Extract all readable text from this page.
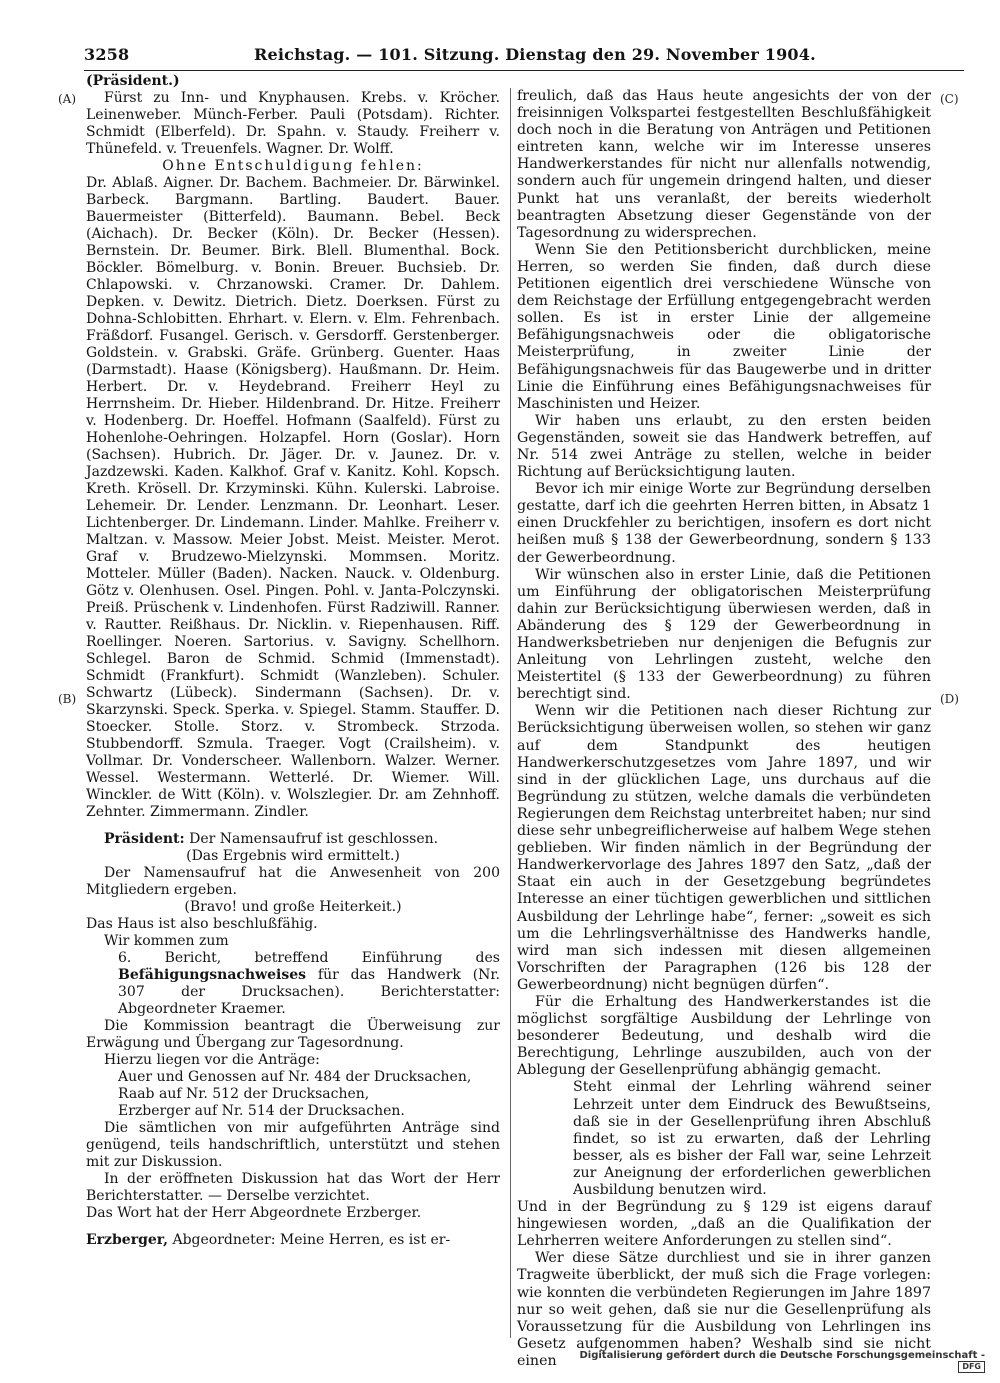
3258	Reichstag. — 101. Sitzung. Dienstag den 29. November 1904.
(A)
(B)
(C)
(D)

(Präsident.)

Fürst zu Inn- und Knyphausen. Krebs. v. Kröcher. Leinenweber. Münch-Ferber. Pauli (Potsdam). Richter. Schmidt (Elberfeld). Dr. Spahn. v. Staudy. Freiherr v. Thünefeld. v. Treuenfels. Wagner. Dr. Wolff.

Ohne Entschuldigung fehlen:

Dr. Ablaß. Aigner. Dr. Bachem. Bachmeier. Dr. Bärwinkel. Barbeck. Bargmann. Bartling. Baudert. Bauer. Bauermeister (Bitterfeld). Baumann. Bebel. Beck (Aichach). Dr. Becker (Köln). Dr. Becker (Hessen). Bernstein. Dr. Beumer. Birk. Blell. Blumenthal. Bock. Böckler. Bömelburg. v. Bonin. Breuer. Buchsieb. Dr. Chlapowski. v. Chrzanowski. Cramer. Dr. Dahlem. Depken. v. Dewitz. Dietrich. Dietz. Doerksen. Fürst zu Dohna-Schlobitten. Ehrhart. v. Elern. v. Elm. Fehrenbach. Fräßdorf. Fusangel. Gerisch. v. Gersdorff. Gerstenberger. Goldstein. v. Grabski. Gräfe. Grünberg. Guenter. Haas (Darmstadt). Haase (Königsberg). Haußmann. Dr. Heim. Herbert. Dr. v. Heydebrand. Freiherr Heyl zu Herrnsheim. Dr. Hieber. Hildenbrand. Dr. Hitze. Freiherr v. Hodenberg. Dr. Hoeffel. Hofmann (Saalfeld). Fürst zu Hohenlohe-Oehringen. Holzapfel. Horn (Goslar). Horn (Sachsen). Hubrich. Dr. Jäger. Dr. v. Jaunez. Dr. v. Jazdzewski. Kaden. Kalkhof. Graf v. Kanitz. Kohl. Kopsch. Kreth. Krösell. Dr. Krzyminski. Kühn. Kulerski. Labroise. Lehemeir. Dr. Lender. Lenzmann. Dr. Leonhart. Leser. Lichtenberger. Dr. Lindemann. Linder. Mahlke. Freiherr v. Maltzan. v. Massow. Meier Jobst. Meist. Meister. Merot. Graf v. Brudzewo-Mielzynski. Mommsen. Moritz. Motteler. Müller (Baden). Nacken. Nauck. v. Oldenburg. Götz v. Olenhusen. Osel. Pingen. Pohl. v. Janta-Polczynski. Preiß. Prüschenk v. Lindenhofen. Fürst Radziwill. Ranner. v. Rautter. Reißhaus. Dr. Nicklin. v. Riepenhausen. Riff. Roellinger. Noeren. Sartorius. v. Savigny. Schellhorn. Schlegel. Baron de Schmid. Schmid (Immenstadt). Schmidt (Frankfurt). Schmidt (Wanzleben). Schuler. Schwartz (Lübeck). Sindermann (Sachsen). Dr. v. Skarzynski. Speck. Sperka. v. Spiegel. Stamm. Stauffer. D. Stoecker. Stolle. Storz. v. Strombeck. Strzoda. Stubbendorff. Szmula. Traeger. Vogt (Crailsheim). v. Vollmar. Dr. Vonderscheer. Wallenborn. Walzer. Werner. Wessel. Westermann. Wetterlé. Dr. Wiemer. Will. Winckler. de Witt (Köln). v. Wolszlegier. Dr. am Zehnhoff. Zehnter. Zimmermann. Zindler.

Präsident: Der Namensaufruf ist geschlossen.

(Das Ergebnis wird ermittelt.)

Der Namensaufruf hat die Anwesenheit von 200 Mitgliedern ergeben.

(Bravo! und große Heiterkeit.)

Das Haus ist also beschlußfähig.

Wir kommen zum

6. Bericht, betreffend Einführung des Befähigungsnachweises für das Handwerk (Nr. 307 der Drucksachen). Berichterstatter: Abgeordneter Kraemer.

Die Kommission beantragt die Überweisung zur Erwägung und Übergang zur Tagesordnung.

Hierzu liegen vor die Anträge:

Auer und Genossen auf Nr. 484 der Drucksachen,

Raab auf Nr. 512 der Drucksachen,

Erzberger auf Nr. 514 der Drucksachen.

Die sämtlichen von mir aufgeführten Anträge sind genügend, teils handschriftlich, unterstützt und stehen mit zur Diskussion.

In der eröffneten Diskussion hat das Wort der Herr Berichterstatter. — Derselbe verzichtet.

Das Wort hat der Herr Abgeordnete Erzberger.

Erzberger, Abgeordneter: Meine Herren, es ist er-

freulich, daß das Haus heute angesichts der von der freisinnigen Volkspartei festgestellten Beschlußfähigkeit doch noch in die Beratung von Anträgen und Petitionen eintreten kann, welche wir im Interesse unseres Handwerkerstandes für nicht nur allenfalls notwendig, sondern auch für ungemein dringend halten, und dieser Punkt hat uns veranlaßt, der bereits wiederholt beantragten Absetzung dieser Gegenstände von der Tagesordnung zu widersprechen.

Wenn Sie den Petitionsbericht durchblicken, meine Herren, so werden Sie finden, daß durch diese Petitionen eigentlich drei verschiedene Wünsche von dem Reichstage der Erfüllung entgegengebracht werden sollen. Es ist in erster Linie der allgemeine Befähigungsnachweis oder die obligatorische Meisterprüfung, in zweiter Linie der Befähigungsnachweis für das Baugewerbe und in dritter Linie die Einführung eines Befähigungsnachweises für Maschinisten und Heizer.

Wir haben uns erlaubt, zu den ersten beiden Gegenständen, soweit sie das Handwerk betreffen, auf Nr. 514 zwei Anträge zu stellen, welche in beider Richtung auf Berücksichtigung lauten.

Bevor ich mir einige Worte zur Begründung derselben gestatte, darf ich die geehrten Herren bitten, in Absatz 1 einen Druckfehler zu berichtigen, insofern es dort nicht heißen muß § 138 der Gewerbeordnung, sondern § 133 der Gewerbeordnung.

Wir wünschen also in erster Linie, daß die Petitionen um Einführung der obligatorischen Meisterprüfung dahin zur Berücksichtigung überwiesen werden, daß in Abänderung des § 129 der Gewerbeordnung in Handwerksbetrieben nur denjenigen die Befugnis zur Anleitung von Lehrlingen zusteht, welche den Meistertitel (§ 133 der Gewerbeordnung) zu führen berechtigt sind.

Wenn wir die Petitionen nach dieser Richtung zur Berücksichtigung überweisen wollen, so stehen wir ganz auf dem Standpunkt des heutigen Handwerkerschutzgesetzes vom Jahre 1897, und wir sind in der glücklichen Lage, uns durchaus auf die Begründung zu stützen, welche damals die verbündeten Regierungen dem Reichstag unterbreitet haben; nur sind diese sehr unbegreiflicherweise auf halbem Wege stehen geblieben. Wir finden nämlich in der Begründung der Handwerkervorlage des Jahres 1897 den Satz, „daß der Staat ein auch in der Gesetzgebung begründetes Interesse an einer tüchtigen gewerblichen und sittlichen Ausbildung der Lehrlinge habe“, ferner: „soweit es sich um die Lehrlingsverhältnisse des Handwerks handle, wird man sich indessen mit diesen allgemeinen Vorschriften der Paragraphen (126 bis 128 der Gewerbeordnung) nicht begnügen dürfen“.

Für die Erhaltung des Handwerkerstandes ist die möglichst sorgfältige Ausbildung der Lehrlinge von besonderer Bedeutung, und deshalb wird die Berechtigung, Lehrlinge auszubilden, auch von der Ablegung der Gesellenprüfung abhängig gemacht.

Steht einmal der Lehrling während seiner Lehrzeit unter dem Eindruck des Bewußtseins, daß sie in der Gesellenprüfung ihren Abschluß findet, so ist zu erwarten, daß der Lehrling besser, als es bisher der Fall war, seine Lehrzeit zur Aneignung der erforderlichen gewerblichen Ausbildung benutzen wird.

Und in der Begründung zu § 129 ist eigens darauf hingewiesen worden, „daß an die Qualifikation der Lehrherren weitere Anforderungen zu stellen sind“.

Wer diese Sätze durchliest und sie in ihrer ganzen Tragweite überblickt, der muß sich die Frage vorlegen: wie konnten die verbündeten Regierungen im Jahre 1897 nur so weit gehen, daß sie nur die Gesellenprüfung als Voraussetzung für die Ausbildung von Lehrlingen ins Gesetz aufgenommen haben? Weshalb sind sie nicht einen	Digitalisierung gefördert durch die Deutsche Forschungsgemeinschaft -DFG
